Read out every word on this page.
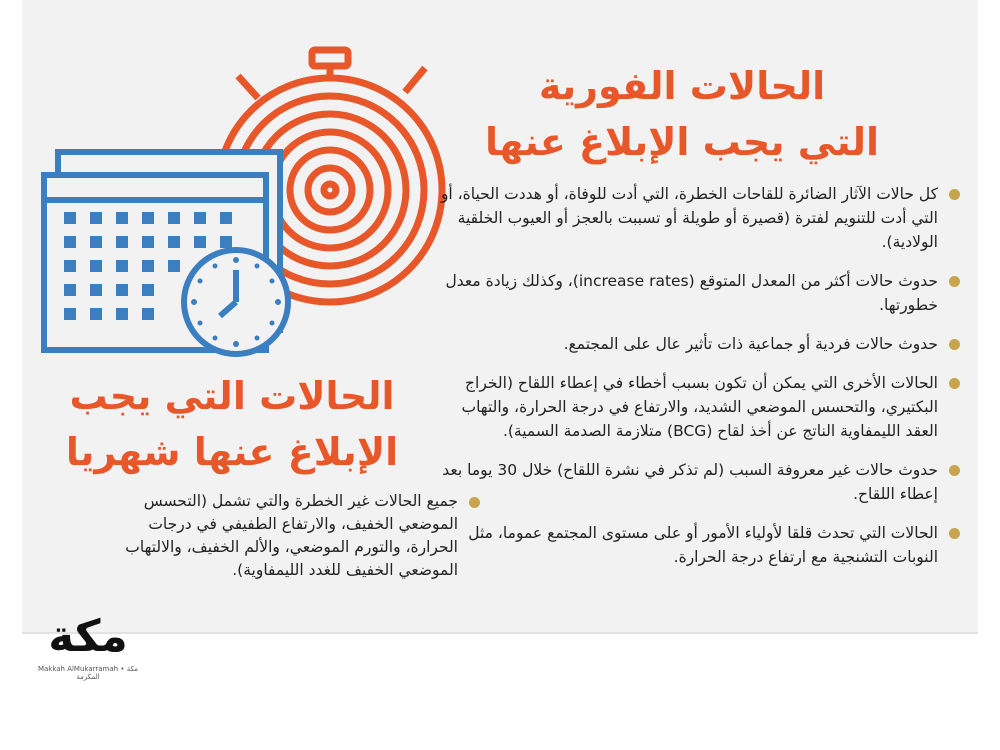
الحالات الفورية
التي يجب الإبلاغ عنها
كل حالات الآثار الضائرة للقاحات الخطرة، التي أدت للوفاة، أو هددت الحياة، أو التي أدت للتنويم لفترة (قصيرة أو طويلة أو تسببت بالعجز أو العيوب الخلقية الولادية).
حدوث حالات أكثر من المعدل المتوقع (increase rates)، وكذلك زيادة معدل خطورتها.
حدوث حالات فردية أو جماعية ذات تأثير عال على المجتمع.
الحالات الأخرى التي يمكن أن تكون بسبب أخطاء في إعطاء اللقاح (الخراج البكتيري، والتحسس الموضعي الشديد، والارتفاع في درجة الحرارة، والتهاب العقد الليمفاوية الناتج عن أخذ لقاح (BCG) متلازمة الصدمة السمية).
حدوث حالات غير معروفة السبب (لم تذكر في نشرة اللقاح) خلال 30 يوما بعد إعطاء اللقاح.
الحالات التي تحدث قلقا لأولياء الأمور أو على مستوى المجتمع عموما، مثل النوبات التشنجية مع ارتفاع درجة الحرارة.
الحالات التي يجب
الإبلاغ عنها شهريا
جميع الحالات غير الخطرة والتي تشمل (التحسس الموضعي الخفيف، والارتفاع الطفيفي في درجات الحرارة، والتورم الموضعي، والألم الخفيف، والالتهاب الموضعي الخفيف للغدد الليمفاوية).
مكة
Makkah AlMukarramah • مكة المكرمة
